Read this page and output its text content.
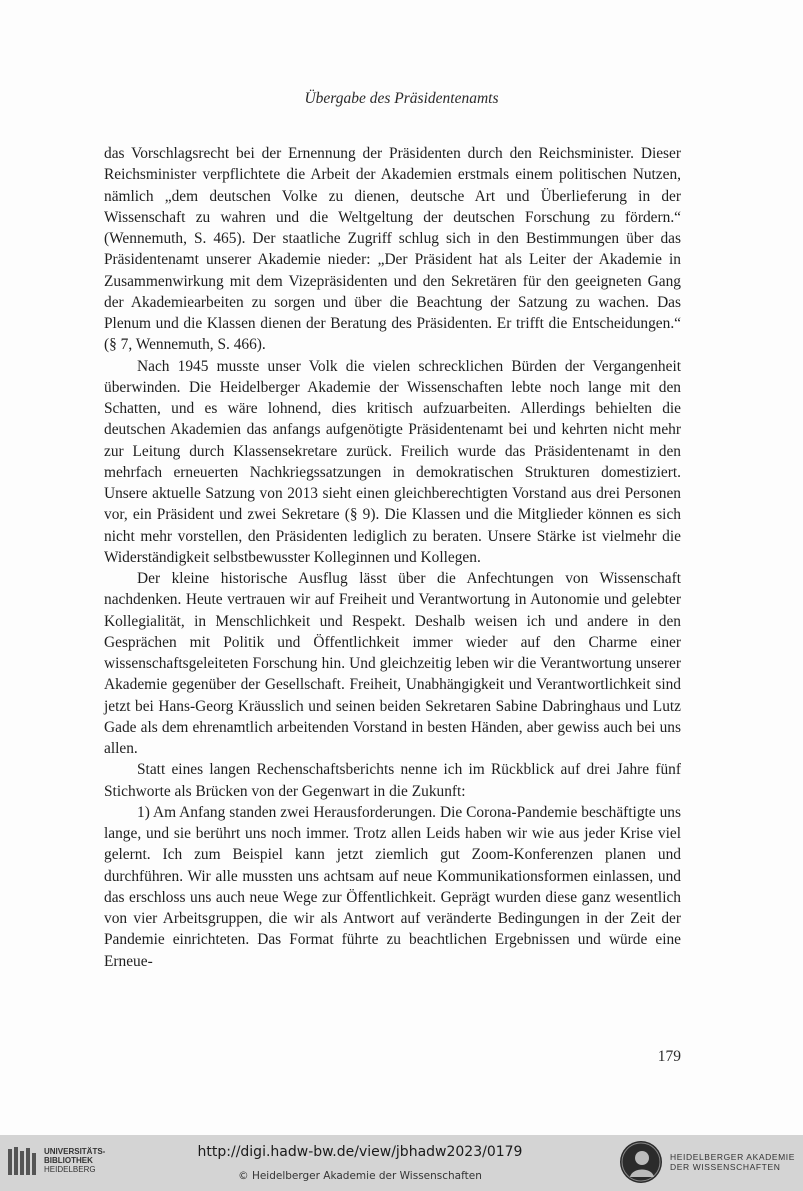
Übergabe des Präsidentenamts

das Vorschlagsrecht bei der Ernennung der Präsidenten durch den Reichsminister. Dieser Reichsminister verpflichtete die Arbeit der Akademien erstmals einem politischen Nutzen, nämlich „dem deutschen Volke zu dienen, deutsche Art und Überlieferung in der Wissenschaft zu wahren und die Weltgeltung der deutschen Forschung zu fördern.“ (Wennemuth, S. 465). Der staatliche Zugriff schlug sich in den Bestimmungen über das Präsidentenamt unserer Akademie nieder: „Der Präsident hat als Leiter der Akademie in Zusammenwirkung mit dem Vizepräsidenten und den Sekretären für den geeigneten Gang der Akademiearbeiten zu sorgen und über die Beachtung der Satzung zu wachen. Das Plenum und die Klassen dienen der Beratung des Präsidenten. Er trifft die Entscheidungen.“ (§ 7, Wennemuth, S. 466).

Nach 1945 musste unser Volk die vielen schrecklichen Bürden der Vergangenheit überwinden. Die Heidelberger Akademie der Wissenschaften lebte noch lange mit den Schatten, und es wäre lohnend, dies kritisch aufzuarbeiten. Allerdings behielten die deutschen Akademien das anfangs aufgenötigte Präsidentenamt bei und kehrten nicht mehr zur Leitung durch Klassensekretare zurück. Freilich wurde das Präsidentenamt in den mehrfach erneuerten Nachkriegssatzungen in demokratischen Strukturen domestiziert. Unsere aktuelle Satzung von 2013 sieht einen gleichberechtigten Vorstand aus drei Personen vor, ein Präsident und zwei Sekretare (§ 9). Die Klassen und die Mitglieder können es sich nicht mehr vorstellen, den Präsidenten lediglich zu beraten. Unsere Stärke ist vielmehr die Widerständigkeit selbstbewusster Kolleginnen und Kollegen.

Der kleine historische Ausflug lässt über die Anfechtungen von Wissenschaft nachdenken. Heute vertrauen wir auf Freiheit und Verantwortung in Autonomie und gelebter Kollegialität, in Menschlichkeit und Respekt. Deshalb weisen ich und andere in den Gesprächen mit Politik und Öffentlichkeit immer wieder auf den Charme einer wissenschaftsgeleiteten Forschung hin. Und gleichzeitig leben wir die Verantwortung unserer Akademie gegenüber der Gesellschaft. Freiheit, Unabhängigkeit und Verantwortlichkeit sind jetzt bei Hans-Georg Kräusslich und seinen beiden Sekretaren Sabine Dabringhaus und Lutz Gade als dem ehrenamtlich arbeitenden Vorstand in besten Händen, aber gewiss auch bei uns allen.

Statt eines langen Rechenschaftsberichts nenne ich im Rückblick auf drei Jahre fünf Stichworte als Brücken von der Gegenwart in die Zukunft:

1) Am Anfang standen zwei Herausforderungen. Die Corona-Pandemie beschäftigte uns lange, und sie berührt uns noch immer. Trotz allen Leids haben wir wie aus jeder Krise viel gelernt. Ich zum Beispiel kann jetzt ziemlich gut Zoom-Konferenzen planen und durchführen. Wir alle mussten uns achtsam auf neue Kommunikationsformen einlassen, und das erschloss uns auch neue Wege zur Öffentlichkeit. Geprägt wurden diese ganz wesentlich von vier Arbeitsgruppen, die wir als Antwort auf veränderte Bedingungen in der Zeit der Pandemie einrichteten. Das Format führte zu beachtlichen Ergebnissen und würde eine Erneue-

179
UNIVERSITÄTS-
BIBLIOTHEK
HEIDELBERG
http://digi.hadw-bw.de/view/jbhadw2023/0179
© Heidelberger Akademie der Wissenschaften
HEIDELBERGER AKADEMIE
DER WISSENSCHAFTEN
